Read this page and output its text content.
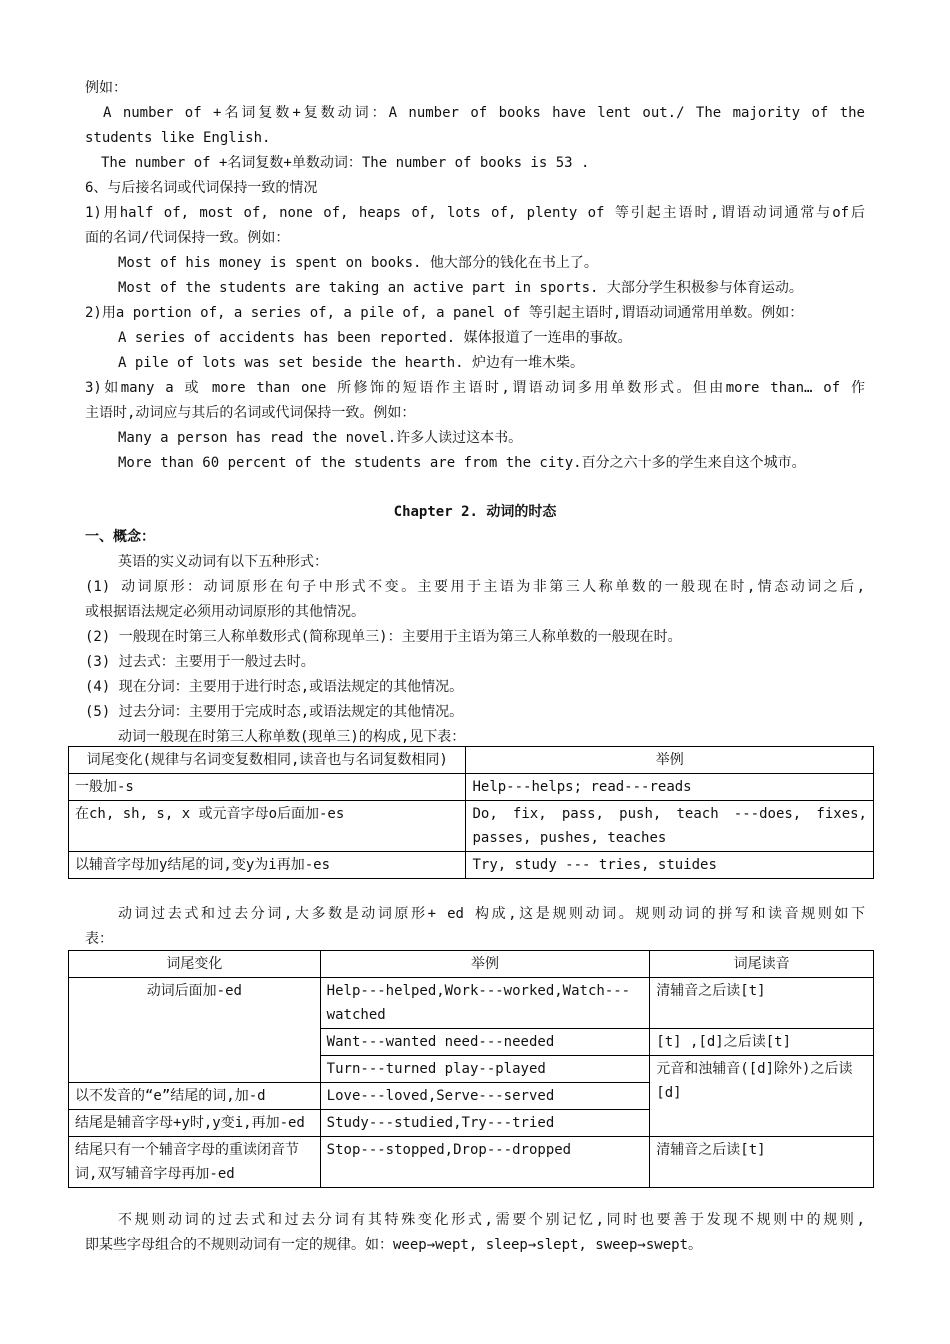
例如：
A number of +名词复数+复数动词：A number of books have lent out./ The majority of the
students like English.
The number of +名词复数+单数动词：The number of books is 53 .
6、与后接名词或代词保持一致的情况
1)用half of, most of, none of, heaps of, lots of, plenty of 等引起主语时,谓语动词通常与of后
面的名词/代词保持一致。例如：
Most of his money is spent on books. 他大部分的钱化在书上了。
Most of the students are taking an active part in sports. 大部分学生积极参与体育运动。
2)用a portion of, a series of, a pile of, a panel of 等引起主语时,谓语动词通常用单数。例如：
A series of accidents has been reported. 媒体报道了一连串的事故。
A pile of lots was set beside the hearth. 炉边有一堆木柴。
3)如many a 或 more than one 所修饰的短语作主语时,谓语动词多用单数形式。但由more than… of 作
主语时,动词应与其后的名词或代词保持一致。例如：
Many a person has read the novel.许多人读过这本书。
More than 60 percent of the students are from the city.百分之六十多的学生来自这个城市。
Chapter 2. 动词的时态
一、概念：
英语的实义动词有以下五种形式：
(1) 动词原形：动词原形在句子中形式不变。主要用于主语为非第三人称单数的一般现在时,情态动词之后,
或根据语法规定必须用动词原形的其他情况。
(2) 一般现在时第三人称单数形式(简称现单三)：主要用于主语为第三人称单数的一般现在时。
(3) 过去式：主要用于一般过去时。
(4) 现在分词：主要用于进行时态,或语法规定的其他情况。
(5) 过去分词：主要用于完成时态,或语法规定的其他情况。
动词一般现在时第三人称单数(现单三)的构成,见下表：
词尾变化(规律与名词变复数相同,读音也与名词复数相同)	举例
一般加-s	Help---helps; read---reads
在ch, sh, s, x 或元音字母o后面加-es	Do, fix, pass, push, teach ---does, fixes, passes, pushes, teaches
以辅音字母加y结尾的词,变y为i再加-es	Try, study --- tries, stuides
动词过去式和过去分词,大多数是动词原形+ ed 构成,这是规则动词。规则动词的拼写和读音规则如下
表：
词尾变化	举例	词尾读音
动词后面加-ed	Help---helped,Work---worked,Watch---watched	清辅音之后读[t]
	Want---wanted need---needed	[t] ,[d]之后读[t]
	Turn---turned play--played	元音和浊辅音([d]除外)之后读[d]
以不发音的“e”结尾的词,加-d	Love---loved,Serve---served	
结尾是辅音字母+y时,y变i,再加-ed	Study---studied,Try---tried	
结尾只有一个辅音字母的重读闭音节词,双写辅音字母再加-ed	Stop---stopped,Drop---dropped	清辅音之后读[t]
不规则动词的过去式和过去分词有其特殊变化形式,需要个别记忆,同时也要善于发现不规则中的规则,
即某些字母组合的不规则动词有一定的规律。如：weep→wept, sleep→slept, sweep→swept。
